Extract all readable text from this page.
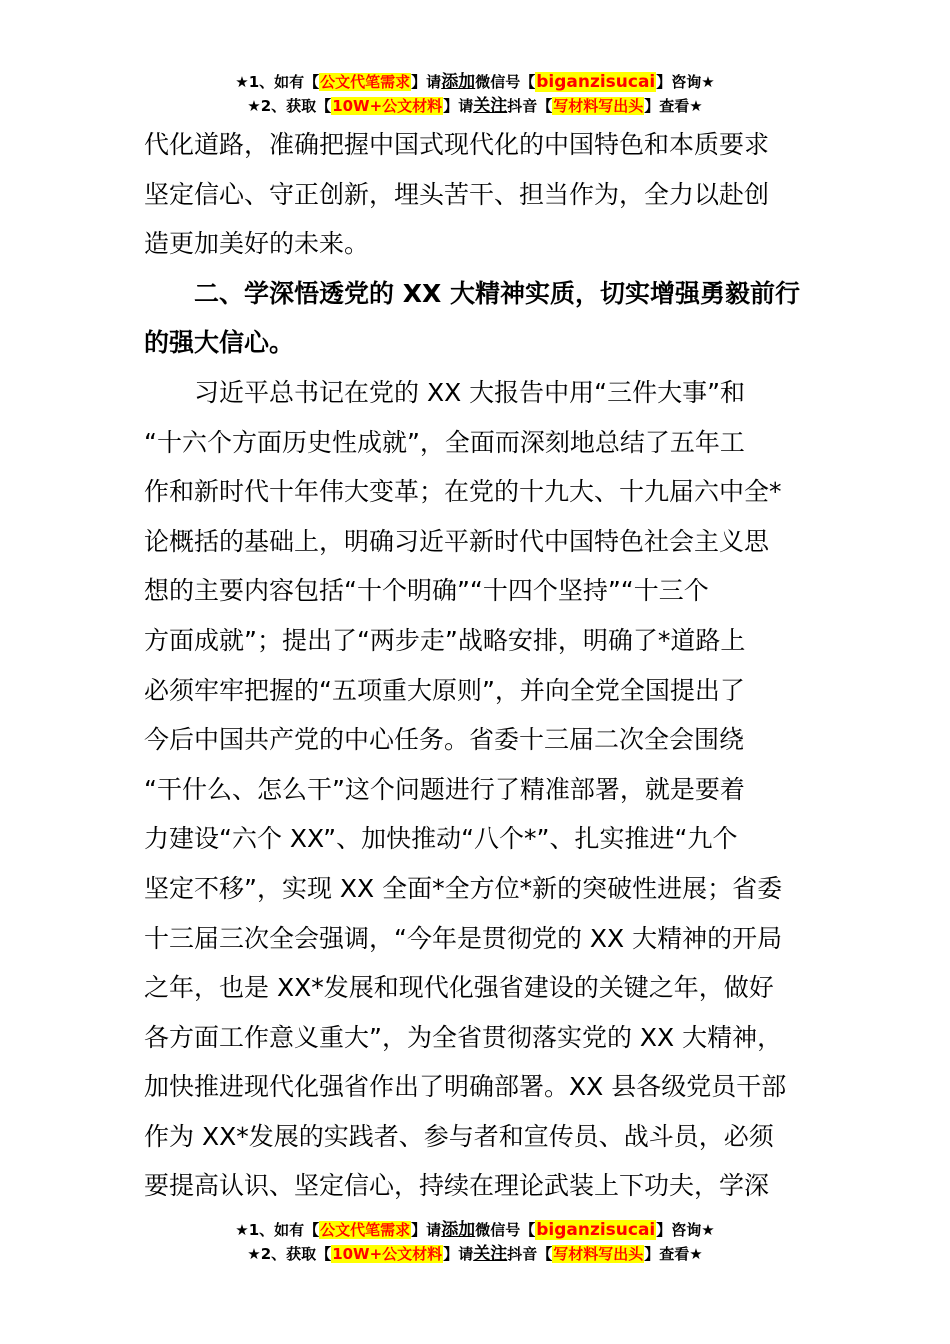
★1、如有【公文代笔需求】请添加微信号【biganzisucai】咨询★
★2、获取【10W+公文材料】请关注抖音【写材料写出头】查看★
代化道路，准确把握中国式现代化的中国特色和本质要求
坚定信心、守正创新，埋头苦干、担当作为，全力以赴创
造更加美好的未来。
二、学深悟透党的 XX 大精神实质，切实增强勇毅前行
的强大信心。
习近平总书记在党的 XX 大报告中用“三件大事”和
“十六个方面历史性成就”，全面而深刻地总结了五年工
作和新时代十年伟大变革；在党的十九大、十九届六中全*
论概括的基础上，明确习近平新时代中国特色社会主义思
想的主要内容包括“十个明确”“十四个坚持”“十三个
方面成就”；提出了“两步走”战略安排，明确了*道路上
必须牢牢把握的“五项重大原则”，并向全党全国提出了
今后中国共产党的中心任务。省委十三届二次全会围绕
“干什么、怎么干”这个问题进行了精准部署，就是要着
力建设“六个 XX”、加快推动“八个*”、扎实推进“九个
坚定不移”，实现 XX 全面*全方位*新的突破性进展；省委
十三届三次全会强调，“今年是贯彻党的 XX 大精神的开局
之年，也是 XX*发展和现代化强省建设的关键之年，做好
各方面工作意义重大”，为全省贯彻落实党的 XX 大精神，
加快推进现代化强省作出了明确部署。XX 县各级党员干部
作为 XX*发展的实践者、参与者和宣传员、战斗员，必须
要提高认识、坚定信心，持续在理论武装上下功夫，学深
★1、如有【公文代笔需求】请添加微信号【biganzisucai】咨询★
★2、获取【10W+公文材料】请关注抖音【写材料写出头】查看★
